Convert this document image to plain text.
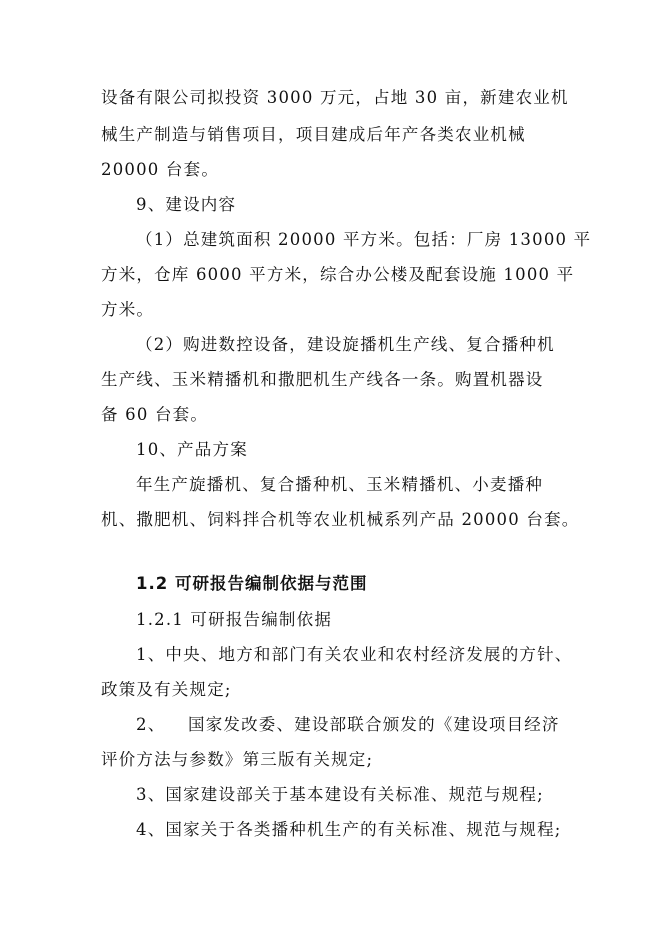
设备有限公司拟投资 3000 万元，占地 30 亩，新建农业机
械生产制造与销售项目，项目建成后年产各类农业机械
20000 台套。
9、建设内容
（1）总建筑面积 20000 平方米。包括：厂房 13000 平
方米，仓库 6000 平方米，综合办公楼及配套设施 1000 平
方米。
（2）购进数控设备，建设旋播机生产线、复合播种机
生产线、玉米精播机和撒肥机生产线各一条。购置机器设
备 60 台套。
10、产品方案
年生产旋播机、复合播种机、玉米精播机、小麦播种
机、撒肥机、饲料拌合机等农业机械系列产品 20000 台套。
1.2 可研报告编制依据与范围
1.2.1 可研报告编制依据
1、中央、地方和部门有关农业和农村经济发展的方针、
政策及有关规定;
2、 国家发改委、建设部联合颁发的《建设项目经济
评价方法与参数》第三版有关规定;
3、国家建设部关于基本建设有关标准、规范与规程;
4、国家关于各类播种机生产的有关标准、规范与规程;
